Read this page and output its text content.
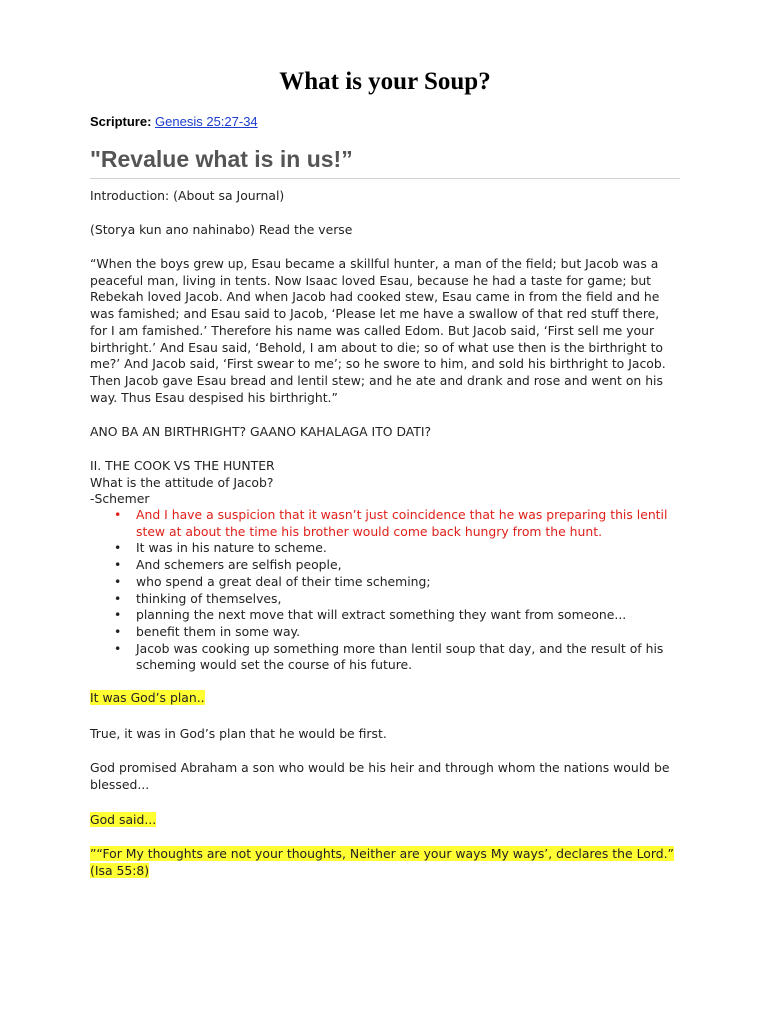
What is your Soup?
Scripture: Genesis 25:27-34
"Revalue what is in us!”

Introduction: (About sa Journal)

(Storya kun ano nahinabo) Read the verse

“When the boys grew up, Esau became a skillful hunter, a man of the field; but Jacob was a peaceful man, living in tents. Now Isaac loved Esau, because he had a taste for game; but Rebekah loved Jacob. And when Jacob had cooked stew, Esau came in from the field and he was famished; and Esau said to Jacob, ‘Please let me have a swallow of that red stuff there, for I am famished.’ Therefore his name was called Edom. But Jacob said, ‘First sell me your birthright.’ And Esau said, ‘Behold, I am about to die; so of what use then is the birthright to me?’ And Jacob said, ‘First swear to me’; so he swore to him, and sold his birthright to Jacob. Then Jacob gave Esau bread and lentil stew; and he ate and drank and rose and went on his way. Thus Esau despised his birthright.”

ANO BA AN BIRTHRIGHT? GAANO KAHALAGA ITO DATI?

II. THE COOK VS THE HUNTER

What is the attitude of Jacob?

-Schemer

• And I have a suspicion that it wasn’t just coincidence that he was preparing this lentil stew at about the time his brother would come back hungry from the hunt.
• It was in his nature to scheme.
• And schemers are selfish people,
• who spend a great deal of their time scheming;
• thinking of themselves,
• planning the next move that will extract something they want from someone...
• benefit them in some way.
• Jacob was cooking up something more than lentil soup that day, and the result of his scheming would set the course of his future.

It was God’s plan..

True, it was in God’s plan that he would be first.

God promised Abraham a son who would be his heir and through whom the nations would be blessed...

God said...

”“For My thoughts are not your thoughts, Neither are your ways My ways’, declares the Lord.” (Isa 55:8)
